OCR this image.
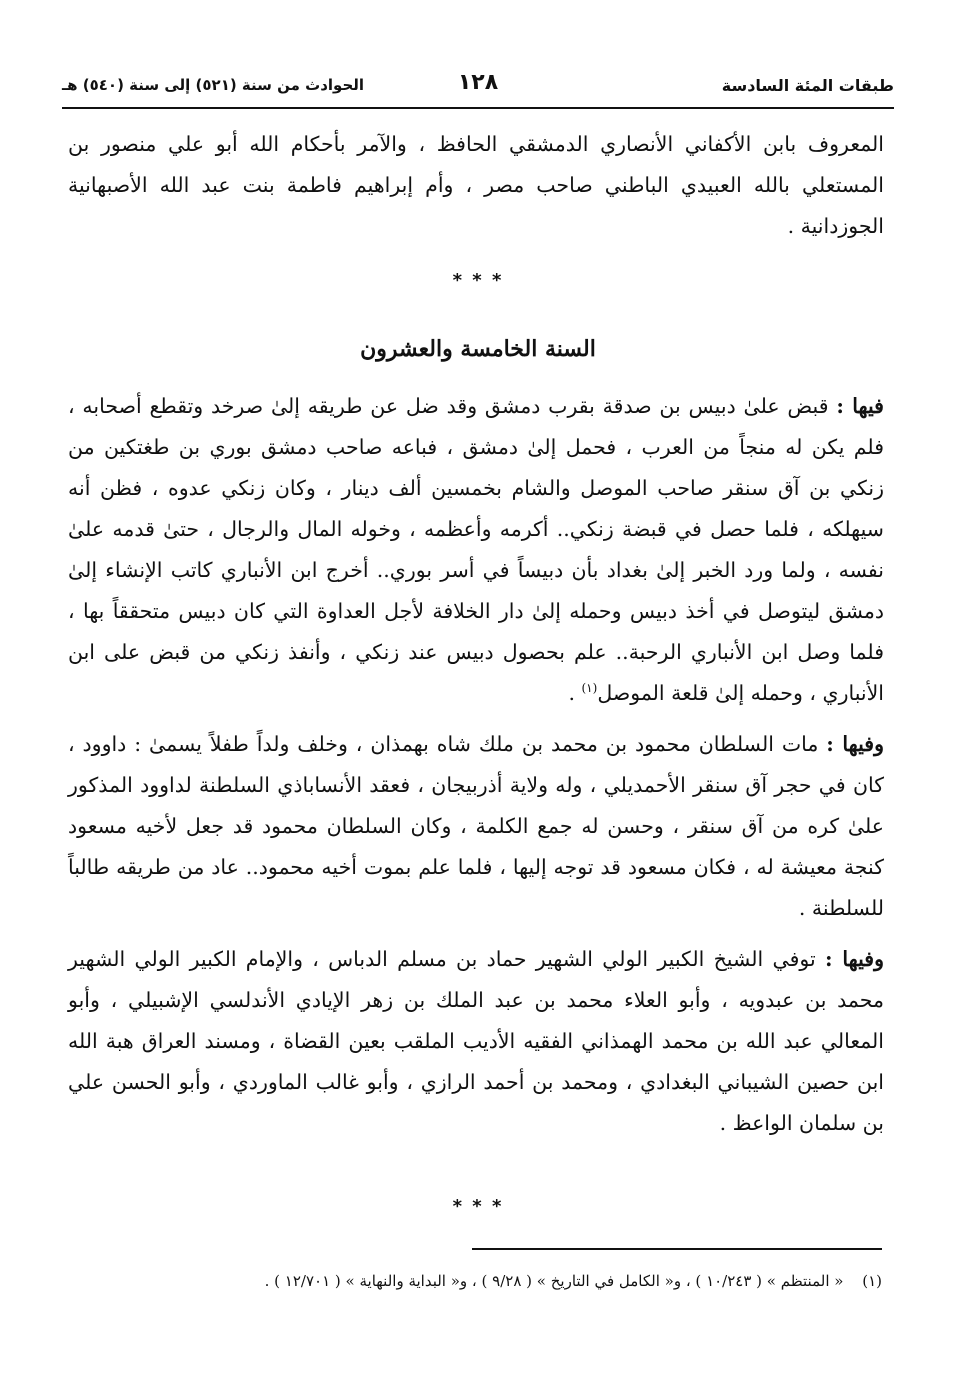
طبقات المئة السادسة
١٢٨
الحوادث من سنة (٥٢١) إلى سنة (٥٤٠) هـ

المعروف بابن الأكفاني الأنصاري الدمشقي الحافظ ، والآمر بأحكام الله أبو علي منصور بن

المستعلي بالله العبيدي الباطني صاحب مصر ، وأم إبراهيم فاطمة بنت عبد الله الأصبهانية

الجوزدانية .

* * *
السنة الخامسة والعشرون

فيها : قبض علىٰ دبيس بن صدقة بقرب دمشق وقد ضل عن طريقه إلىٰ صرخد وتقطع أصحابه ، فلم يكن له منجاً من العرب ، فحمل إلىٰ دمشق ، فباعه صاحب دمشق بوري بن طغتكين من زنكي بن آق سنقر صاحب الموصل والشام بخمسين ألف دينار ، وكان زنكي عدوه ، فظن أنه سيهلكه ، فلما حصل في قبضة زنكي.. أكرمه وأعظمه ، وخوله المال والرجال ، حتىٰ قدمه علىٰ نفسه ، ولما ورد الخبر إلىٰ بغداد بأن دبيساً في أسر بوري.. أخرج ابن الأنباري كاتب الإنشاء إلىٰ دمشق ليتوصل في أخذ دبيس وحمله إلىٰ دار الخلافة لأجل العداوة التي كان دبيس متحققاً بها ، فلما وصل ابن الأنباري الرحبة.. علم بحصول دبيس عند زنكي ، وأنفذ زنكي من قبض على ابن الأنباري ، وحمله إلىٰ قلعة الموصل$^{(١)}$ .

وفيها : مات السلطان محمود بن محمد بن ملك شاه بهمذان ، وخلف ولداً طفلاً يسمىٰ : داوود ، كان في حجر آق سنقر الأحمديلي ، وله ولاية أذربيجان ، فعقد الأنساباذي السلطنة لداوود المذكور علىٰ كره من آق سنقر ، وحسن له جمع الكلمة ، وكان السلطان محمود قد جعل لأخيه مسعود كنجة معيشة له ، فكان مسعود قد توجه إليها ، فلما علم بموت أخيه محمود.. عاد من طريقه طالباً للسلطنة .

وفيها : توفي الشيخ الكبير الولي الشهير حماد بن مسلم الدباس ، والإمام الكبير الولي الشهير محمد بن عبدويه ، وأبو العلاء محمد بن عبد الملك بن زهر الإيادي الأندلسي الإشبيلي ، وأبو المعالي عبد الله بن محمد الهمذاني الفقيه الأديب الملقب بعين القضاة ، ومسند العراق هبة الله ابن حصين الشيباني البغدادي ، ومحمد بن أحمد الرازي ، وأبو غالب الماوردي ، وأبو الحسن علي بن سلمان الواعظ .

* * *
(١) « المنتظم » ( ١٠/٢٤٣ ) ، و« الكامل في التاريخ » ( ٩/٢٨ ) ، و« البداية والنهاية » ( ١٢/٧٠١ ) .
